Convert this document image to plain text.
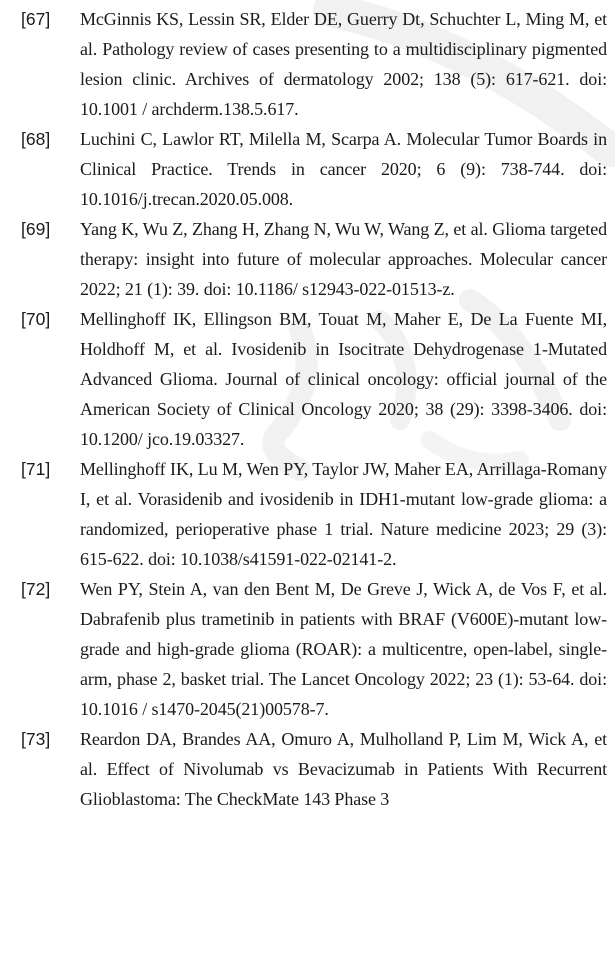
[67]	McGinnis KS, Lessin SR, Elder DE, Guerry Dt, Schuchter L, Ming M, et al. Pathology review of cases presenting to a multidisciplinary pigmented lesion clinic. Archives of dermatology 2002; 138 (5): 617-621. doi: 10.1001 / archderm.138.5.617.
[68]	Luchini C, Lawlor RT, Milella M, Scarpa A. Molecular Tumor Boards in Clinical Practice. Trends in cancer 2020; 6 (9): 738-744. doi: 10.1016/j.trecan.2020.05.008.
[69]	Yang K, Wu Z, Zhang H, Zhang N, Wu W, Wang Z, et al. Glioma targeted therapy: insight into future of molecular approaches. Molecular cancer 2022; 21 (1): 39. doi: 10.1186/ s12943-022-01513-z.
[70]	Mellinghoff IK, Ellingson BM, Touat M, Maher E, De La Fuente MI, Holdhoff M, et al. Ivosidenib in Isocitrate Dehydrogenase 1-Mutated Advanced Glioma. Journal of clinical oncology: official journal of the American Society of Clinical Oncology 2020; 38 (29): 3398-3406. doi: 10.1200/ jco.19.03327.
[71]	Mellinghoff IK, Lu M, Wen PY, Taylor JW, Maher EA, Arrillaga-Romany I, et al. Vorasidenib and ivosidenib in IDH1-mutant low-grade glioma: a randomized, perioperative phase 1 trial. Nature medicine 2023; 29 (3): 615-622. doi: 10.1038/s41591-022-02141-2.
[72]	Wen PY, Stein A, van den Bent M, De Greve J, Wick A, de Vos F, et al. Dabrafenib plus trametinib in patients with BRAF (V600E)-mutant low-grade and high-grade glioma (ROAR): a multicentre, open-label, single-arm, phase 2, basket trial. The Lancet Oncology 2022; 23 (1): 53-64. doi: 10.1016 / s1470-2045(21)00578-7.
[73]	Reardon DA, Brandes AA, Omuro A, Mulholland P, Lim M, Wick A, et al. Effect of Nivolumab vs Bevacizumab in Patients With Recurrent Glioblastoma: The CheckMate 143 Phase 3
